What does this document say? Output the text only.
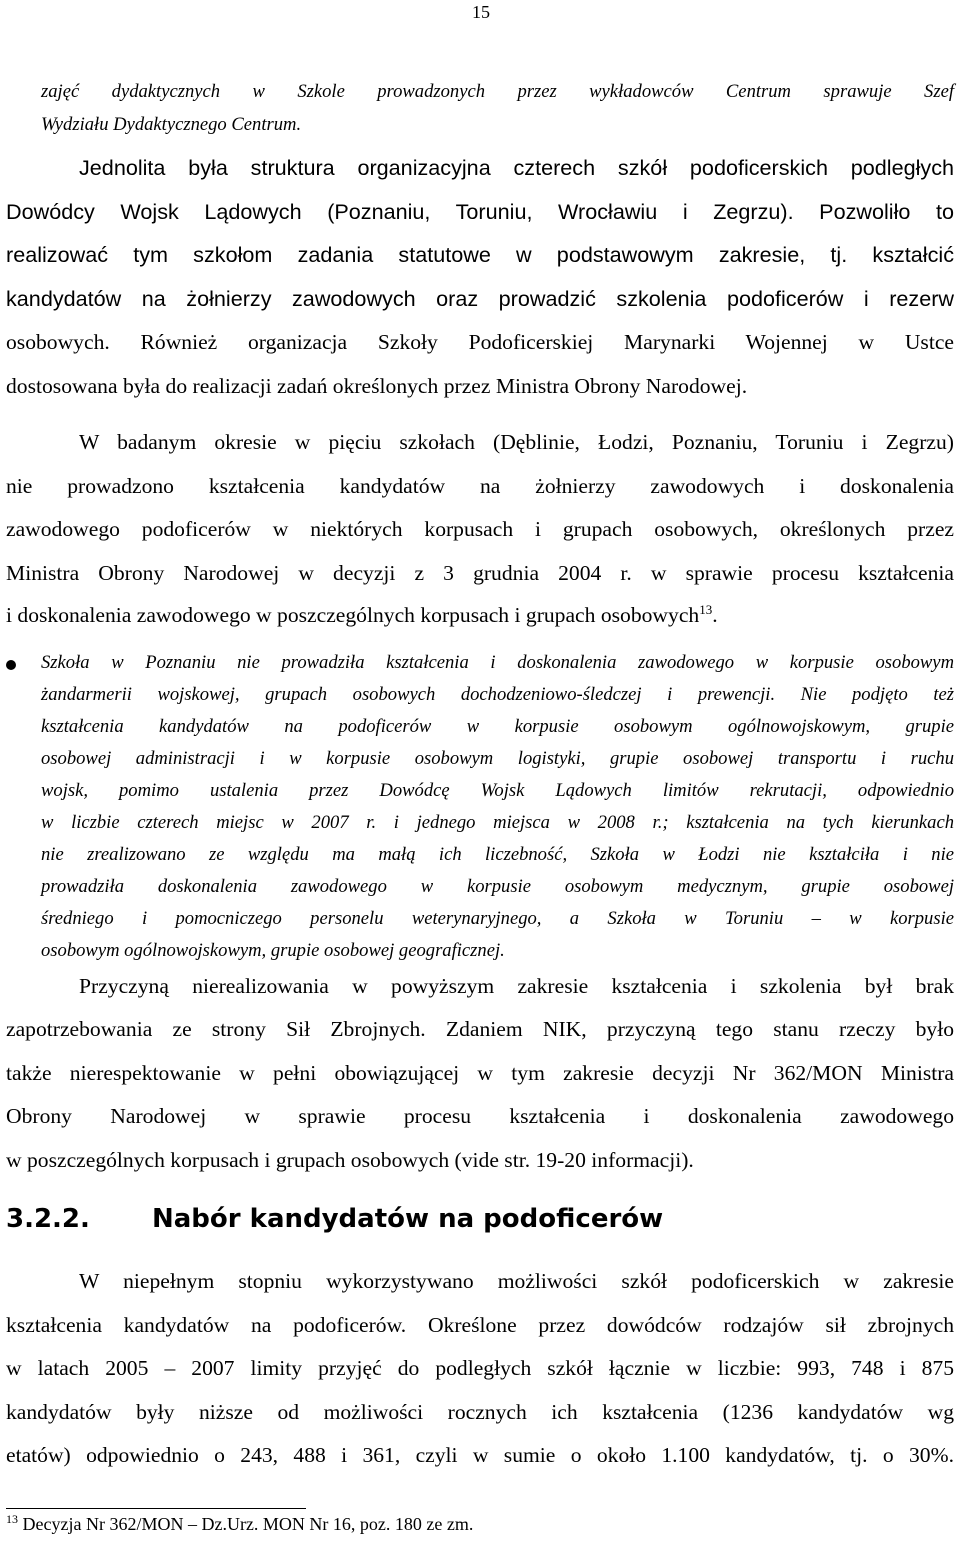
15
zajęć dydaktycznych w Szkole prowadzonych przez wykładowców Centrum sprawuje Szef
Wydziału Dydaktycznego Centrum.
Jednolita była struktura organizacyjna czterech szkół podoficerskich podległych
Dowódcy Wojsk Lądowych (Poznaniu, Toruniu, Wrocławiu i Zegrzu). Pozwoliło to
realizować tym szkołom zadania statutowe w podstawowym zakresie, tj. kształcić
kandydatów na żołnierzy zawodowych oraz prowadzić szkolenia podoficerów i rezerw
osobowych. Również organizacja Szkoły Podoficerskiej Marynarki Wojennej w Ustce
dostosowana była do realizacji zadań określonych przez Ministra Obrony Narodowej.
W badanym okresie w pięciu szkołach (Dęblinie, Łodzi, Poznaniu, Toruniu i Zegrzu)
nie prowadzono kształcenia kandydatów na żołnierzy zawodowych i doskonalenia
zawodowego podoficerów w niektórych korpusach i grupach osobowych, określonych przez
Ministra Obrony Narodowej w decyzji z 3 grudnia 2004 r. w sprawie procesu kształcenia
i doskonalenia zawodowego w poszczególnych korpusach i grupach osobowych$^{13}$.
Szkoła w Poznaniu nie prowadziła kształcenia i doskonalenia zawodowego w korpusie osobowym
żandarmerii wojskowej, grupach osobowych dochodzeniowo-śledczej i prewencji. Nie podjęto też
kształcenia kandydatów na podoficerów w korpusie osobowym ogólnowojskowym, grupie
osobowej administracji i w korpusie osobowym logistyki, grupie osobowej transportu i ruchu
wojsk, pomimo ustalenia przez Dowódcę Wojsk Lądowych limitów rekrutacji, odpowiednio
w liczbie czterech miejsc w 2007 r. i jednego miejsca w 2008 r.; kształcenia na tych kierunkach
nie zrealizowano ze względu ma małą ich liczebność, Szkoła w Łodzi nie kształciła i nie
prowadziła doskonalenia zawodowego w korpusie osobowym medycznym, grupie osobowej
średniego i pomocniczego personelu weterynaryjnego, a Szkoła w Toruniu – w korpusie
osobowym ogólnowojskowym, grupie osobowej geograficznej.
Przyczyną nierealizowania w powyższym zakresie kształcenia i szkolenia był brak
zapotrzebowania ze strony Sił Zbrojnych. Zdaniem NIK, przyczyną tego stanu rzeczy było
także nierespektowanie w pełni obowiązującej w tym zakresie decyzji Nr 362/MON Ministra
Obrony Narodowej w sprawie procesu kształcenia i doskonalenia zawodowego
w poszczególnych korpusach i grupach osobowych (vide str. 19-20 informacji).
3.2.2. Nabór kandydatów na podoficerów
W niepełnym stopniu wykorzystywano możliwości szkół podoficerskich w zakresie
kształcenia kandydatów na podoficerów. Określone przez dowódców rodzajów sił zbrojnych
w latach 2005 – 2007 limity przyjęć do podległych szkół łącznie w liczbie: 993, 748 i 875
kandydatów były niższe od możliwości rocznych ich kształcenia (1236 kandydatów wg
etatów) odpowiednio o 243, 488 i 361, czyli w sumie o około 1.100 kandydatów, tj. o 30%.
$^{13}$ Decyzja Nr 362/MON – Dz.Urz. MON Nr 16, poz. 180 ze zm.
